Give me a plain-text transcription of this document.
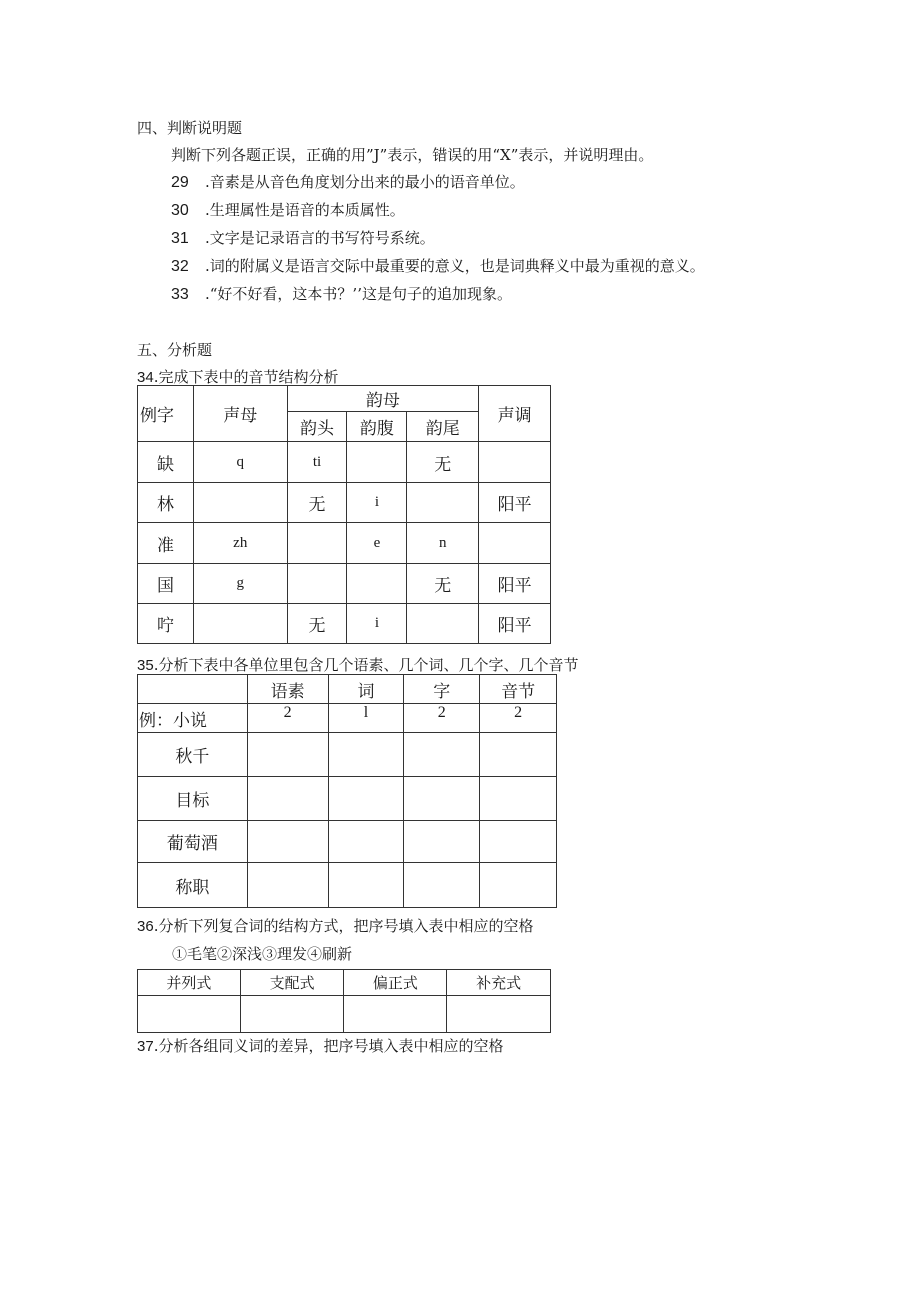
四、判断说明题
判断下列各题正误，正确的用”J”表示，错误的用“X”表示，并说明理由。
29 .音素是从音色角度划分出来的最小的语音单位。
30 .生理属性是语音的本质属性。
31 .文字是记录语言的书写符号系统。
32 .词的附属义是语言交际中最重要的意义，也是词典释义中最为重视的意义。
33 .“好不好看，这本书？’’这是句子的追加现象。
五、分析题
34.完成下表中的音节结构分析
例字	声母	韵母			声调
		韵头	韵腹	韵尾	
缺	q	ti		无	
林		无	i		阳平
准	zh		e	n	
国	g			无	阳平
咛		无	i		阳平
35.分析下表中各单位里包含几个语素、几个词、几个字、几个音节
	语素	词	字	音节
例：小说	2	l	2	2
秋千				
目标				
葡萄酒				
称职				
36.分析下列复合词的结构方式，把序号填入表中相应的空格
①毛笔②深浅③理发④刷新
并列式	支配式	偏正式	补充式

37.分析各组同义词的差异，把序号填入表中相应的空格
